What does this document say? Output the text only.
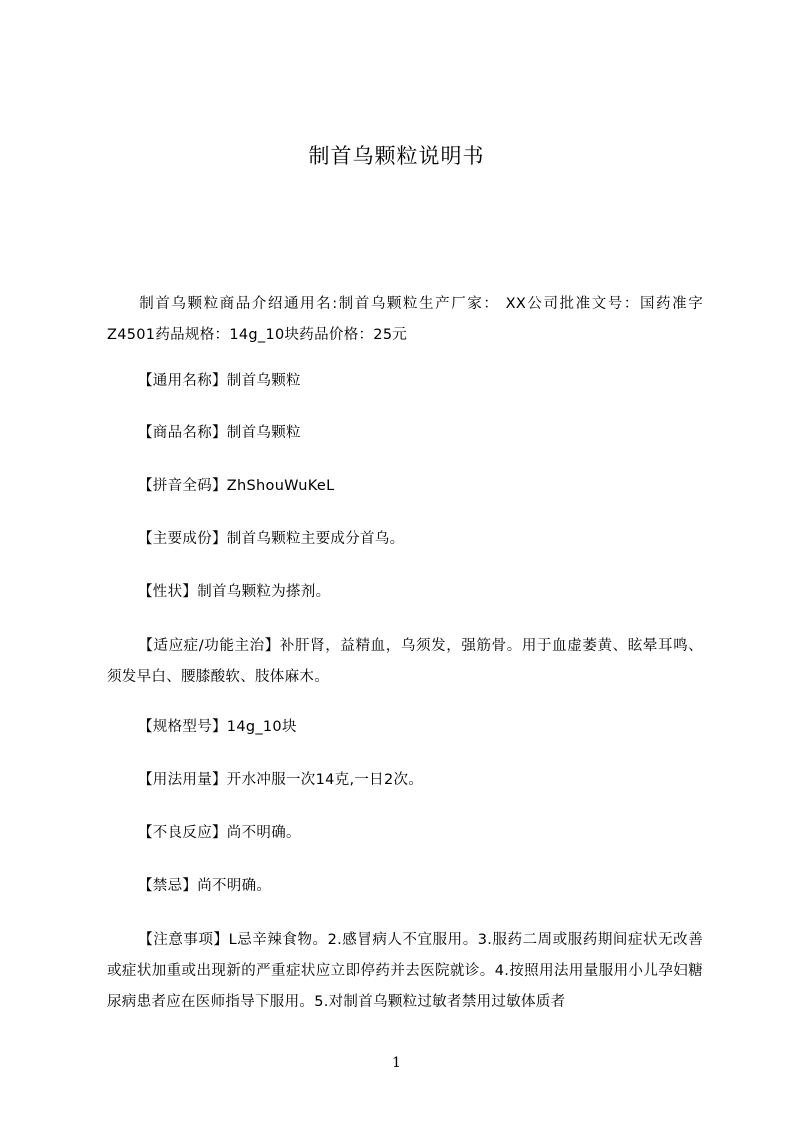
制首乌颗粒说明书
制首乌颗粒商品介绍通用名:制首乌颗粒生产厂家： XX公司批准文号：国药准字Z4501药品规格：14g_10块药品价格：25元
【通用名称】制首乌颗粒
【商品名称】制首乌颗粒
【拼音全码】ZhShouWuKeL
【主要成份】制首乌颗粒主要成分首乌。
【性状】制首乌颗粒为搽剂。
【适应症/功能主治】补肝肾，益精血，乌须发，强筋骨。用于血虚萎黄、眩晕耳鸣、须发早白、腰膝酸软、肢体麻木。
【规格型号】14g_10块
【用法用量】开水冲服一次14克,一日2次。
【不良反应】尚不明确。
【禁忌】尚不明确。
【注意事项】L忌辛辣食物。2.感冒病人不宜服用。3.服药二周或服药期间症状无改善或症状加重或出现新的严重症状应立即停药并去医院就诊。4.按照用法用量服用小儿孕妇糖尿病患者应在医师指导下服用。5.对制首乌颗粒过敏者禁用过敏体质者
1
